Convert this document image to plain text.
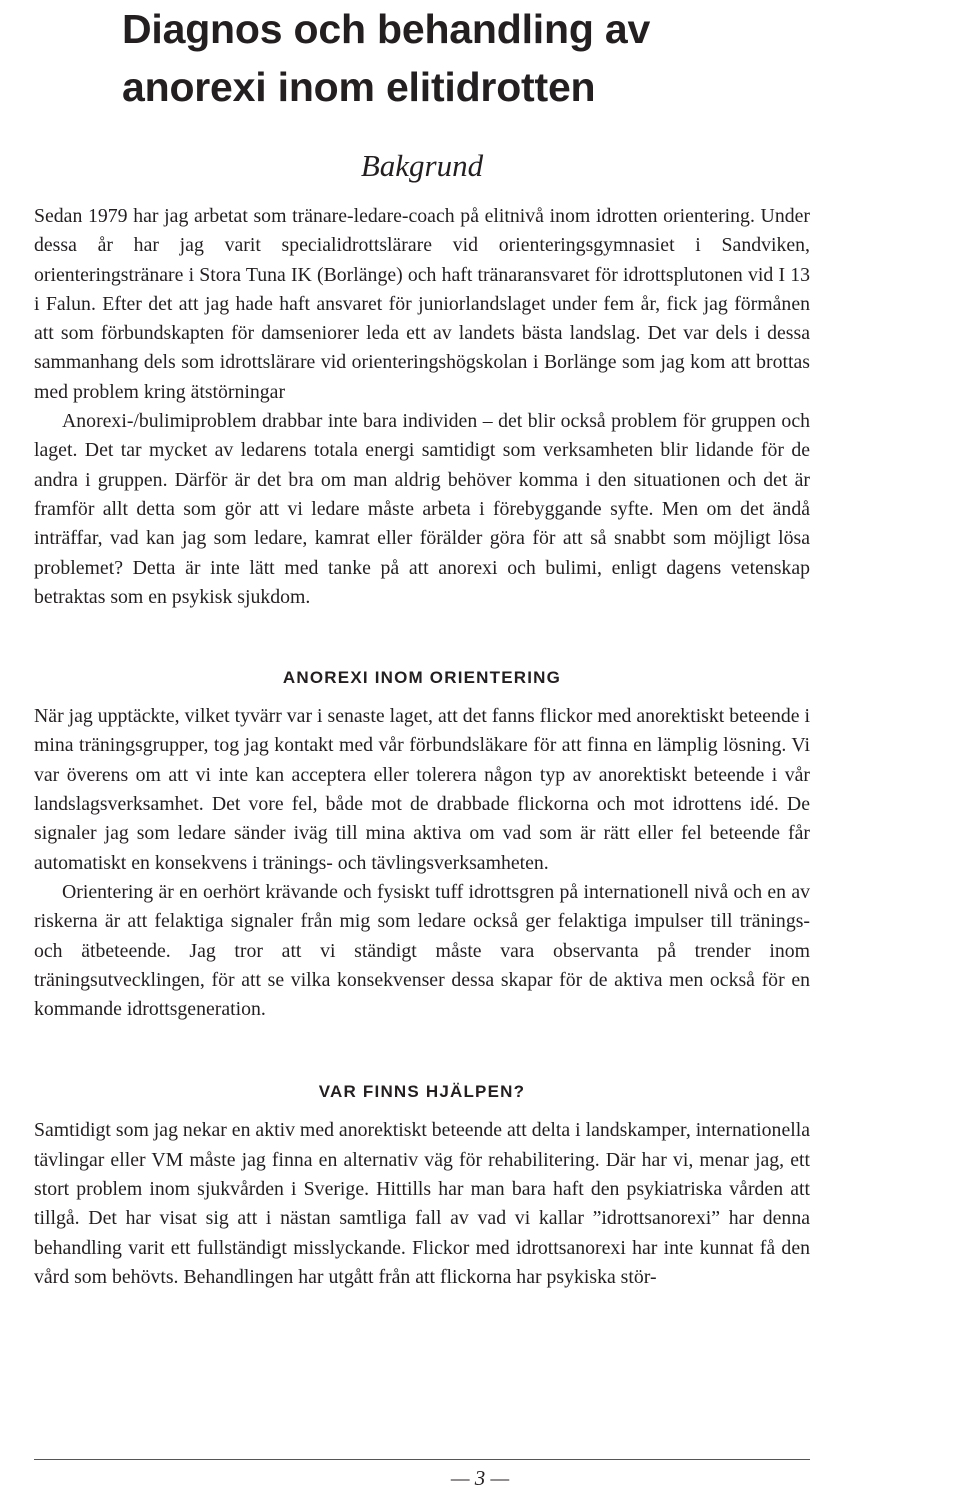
Diagnos och behandling av
anorexi inom elitidrotten
Bakgrund

Sedan 1979 har jag arbetat som tränare-ledare-coach på elitnivå inom idrotten orientering. Under dessa år har jag varit specialidrottslärare vid orienteringsgymnasiet i Sandviken, orienteringstränare i Stora Tuna IK (Borlänge) och haft tränaransvaret för idrottsplutonen vid I 13 i Falun. Efter det att jag hade haft ansvaret för juniorlandslaget under fem år, fick jag förmånen att som förbundskapten för damseniorer leda ett av landets bästa landslag. Det var dels i dessa sammanhang dels som idrottslärare vid orienteringshögskolan i Borlänge som jag kom att brottas med problem kring ätstörningar

Anorexi-/bulimiproblem drabbar inte bara individen – det blir också problem för gruppen och laget. Det tar mycket av ledarens totala energi samtidigt som verksamheten blir lidande för de andra i gruppen. Därför är det bra om man aldrig behöver komma i den situationen och det är framför allt detta som gör att vi ledare måste arbeta i förebyggande syfte. Men om det ändå inträffar, vad kan jag som ledare, kamrat eller förälder göra för att så snabbt som möjligt lösa problemet? Detta är inte lätt med tanke på att anorexi och bulimi, enligt dagens vetenskap betraktas som en psykisk sjukdom.

ANOREXI INOM ORIENTERING

När jag upptäckte, vilket tyvärr var i senaste laget, att det fanns flickor med anorektiskt beteende i mina träningsgrupper, tog jag kontakt med vår förbundsläkare för att finna en lämplig lösning. Vi var överens om att vi inte kan acceptera eller tolerera någon typ av anorektiskt beteende i vår landslagsverksamhet. Det vore fel, både mot de drabbade flickorna och mot idrottens idé. De signaler jag som ledare sänder iväg till mina aktiva om vad som är rätt eller fel beteende får automatiskt en konsekvens i tränings- och tävlingsverksamheten.

Orientering är en oerhört krävande och fysiskt tuff idrottsgren på internationell nivå och en av riskerna är att felaktiga signaler från mig som ledare också ger felaktiga impulser till tränings- och ätbeteende. Jag tror att vi ständigt måste vara observanta på trender inom träningsutvecklingen, för att se vilka konsekvenser dessa skapar för de aktiva men också för en kommande idrottsgeneration.

VAR FINNS HJÄLPEN?

Samtidigt som jag nekar en aktiv med anorektiskt beteende att delta i landskamper, internationella tävlingar eller VM måste jag finna en alternativ väg för rehabilitering. Där har vi, menar jag, ett stort problem inom sjukvården i Sverige. Hittills har man bara haft den psykiatriska vården att tillgå. Det har visat sig att i nästan samtliga fall av vad vi kallar ”idrottsanorexi” har denna behandling varit ett fullständigt misslyckande. Flickor med idrottsanorexi har inte kunnat få den vård som behövts. Behandlingen har utgått från att flickorna har psykiska stör-

— 3 —
